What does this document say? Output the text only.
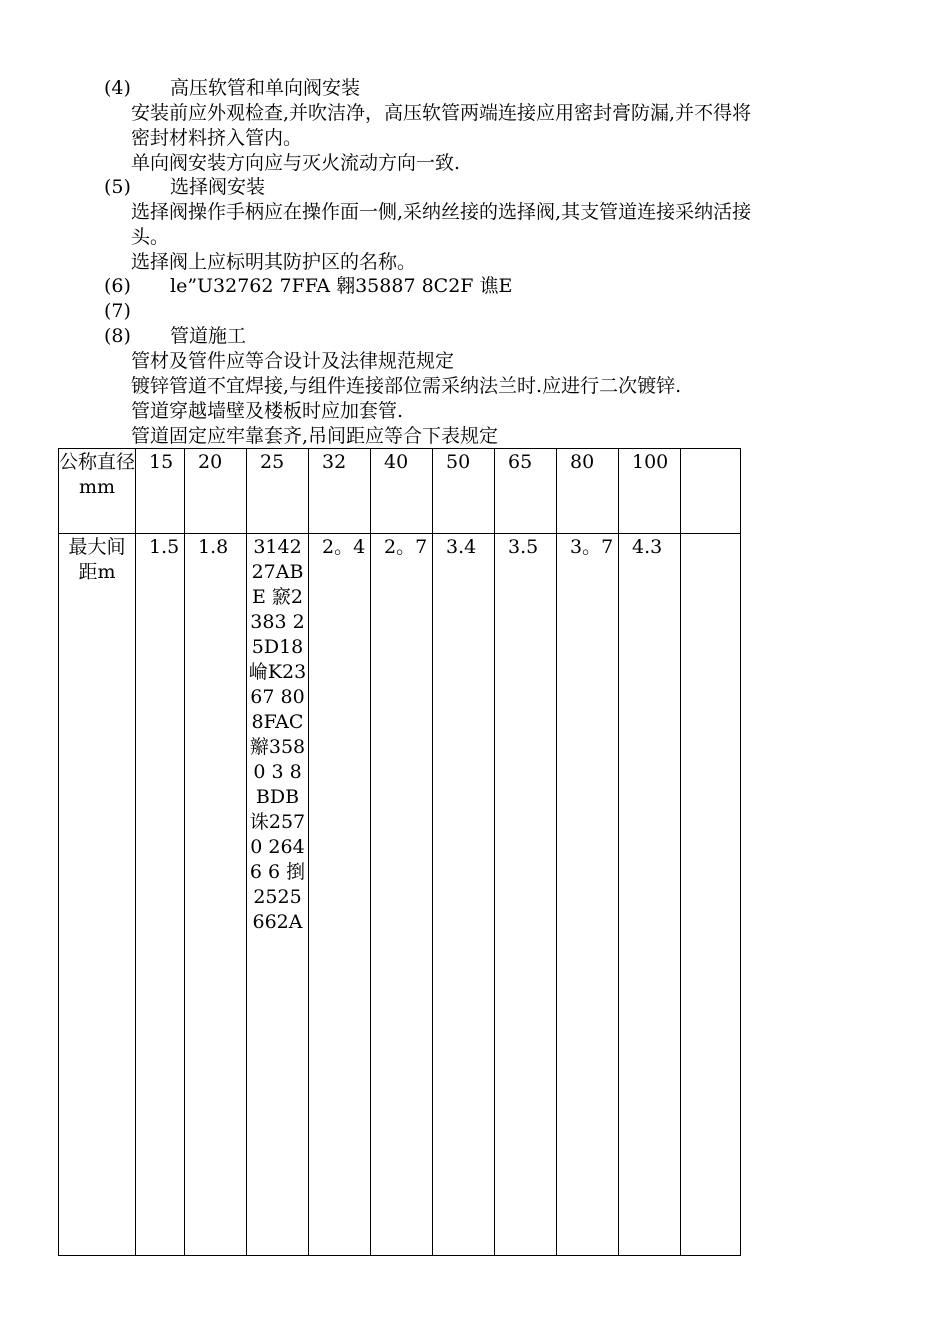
(4) 高压软管和单向阀安装
安装前应外观检查,并吹洁净，高压软管两端连接应用密封膏防漏,并不得将
密封材料挤入管内。
单向阀安装方向应与灭火流动方向一致.
(5) 选择阀安装
选择阀操作手柄应在操作面一侧,采纳丝接的选择阀,其支管道连接采纳活接
头。
选择阀上应标明其防护区的名称。
(6) le”U32762 7FFA 翱35887 8C2F 谯E
(7)
(8) 管道施工
管材及管件应等合设计及法律规范规定
镀锌管道不宜焊接,与组件连接部位需采纳法兰时.应进行二次镀锌.
管道穿越墙壁及楼板时应加套管.
管道固定应牢靠套齐,吊间距应等合下表规定
公称直径mm	15	20	25	32	40	50	65	80	100	
最大间 距m	1.5	1.8	3142 27ABE 窾2383 25D18 崘K2367 80 8FAC 辮3580 3 8BDB 诛2570 2646 6 捯2525 662A	2。4	2。7	3.4	3.5	3。7	4.3	
